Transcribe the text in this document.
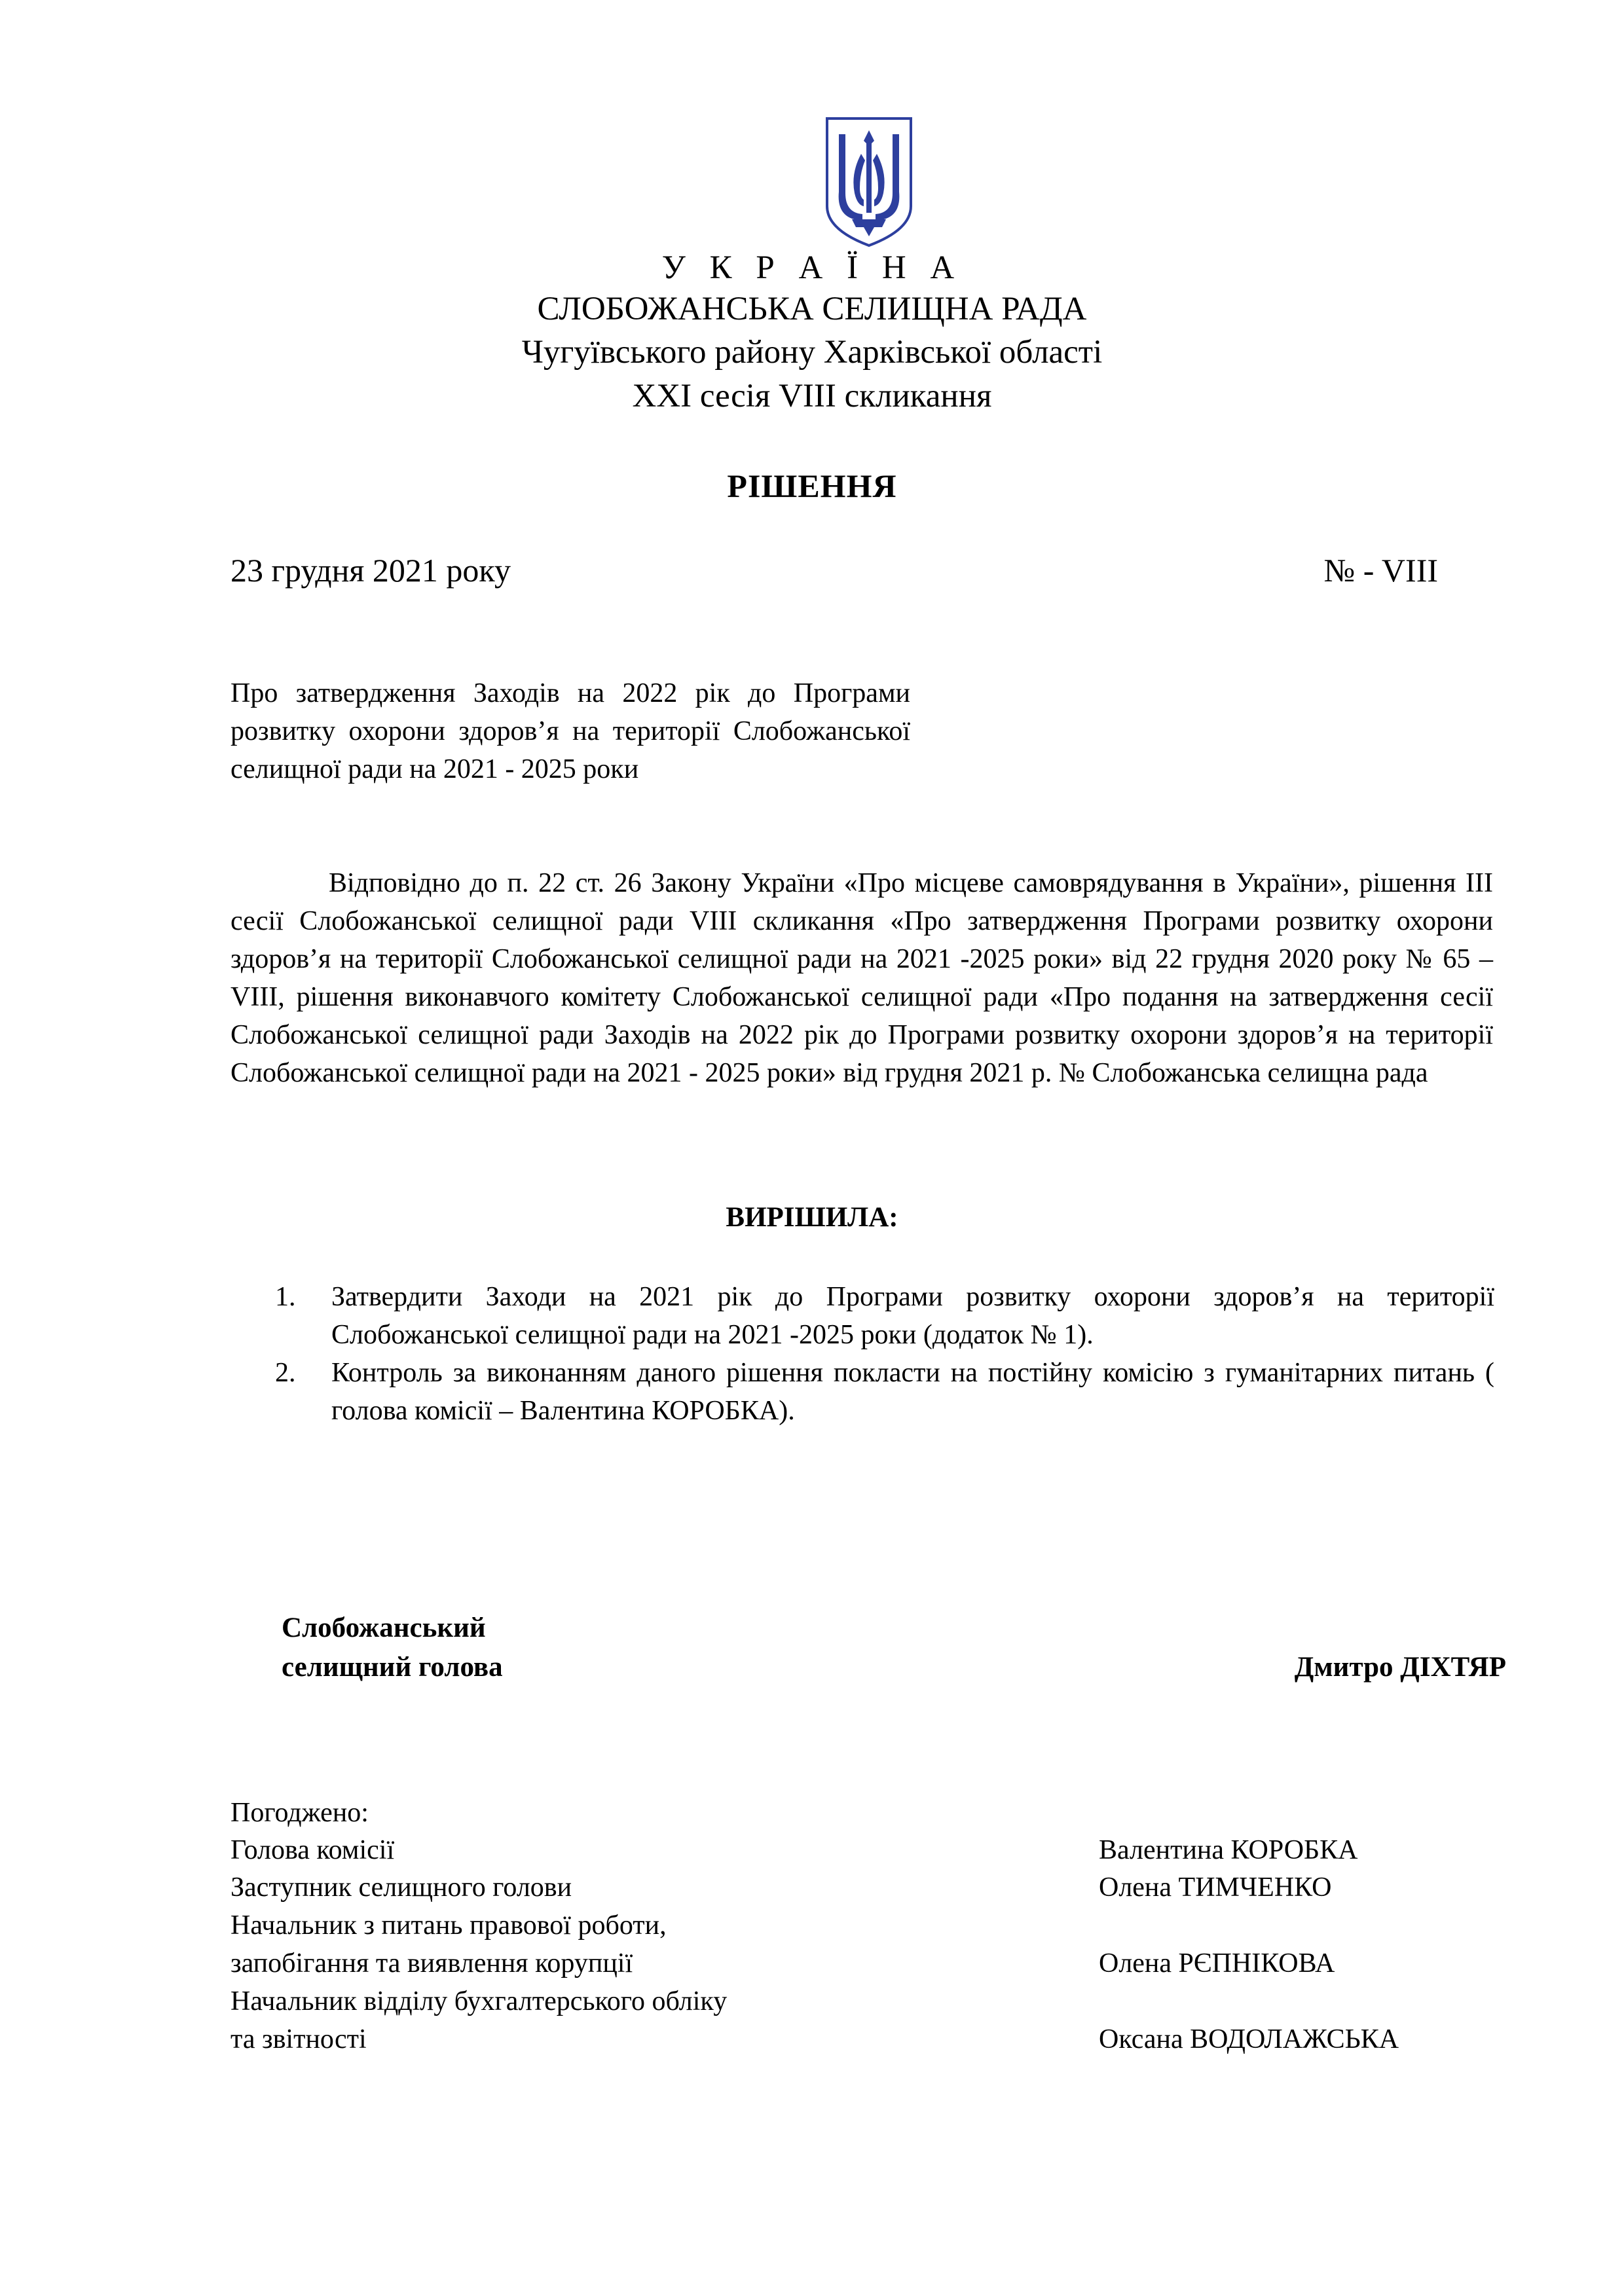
У К Р А Ї Н А
СЛОБОЖАНСЬКА СЕЛИЩНА РАДА
Чугуївського району Харківської області
ХХІ сесія VIII скликання
РІШЕННЯ
23 грудня 2021 року	№ - VIII
Про затвердження Заходів на 2022 рік до Програми розвитку охорони здоров’я на території Слобожанської селищної ради на 2021 - 2025 роки
Відповідно до п. 22 ст. 26 Закону України «Про місцеве самоврядування в України», рішення ІІІ сесії Слобожанської селищної ради VIII скликання «Про затвердження Програми розвитку охорони здоров’я на території Слобожанської селищної ради на 2021 -2025 роки» від 22 грудня 2020 року № 65 – VIII, рішення виконавчого комітету Слобожанської селищної ради «Про подання на затвердження сесії Слобожанської селищної ради Заходів на 2022 рік до Програми розвитку охорони здоров’я на території Слобожанської селищної ради на 2021 - 2025 роки» від грудня 2021 р. № Слобожанська селищна рада
ВИРІШИЛА:
1. Затвердити Заходи на 2021 рік до Програми розвитку охорони здоров’я на території Слобожанської селищної ради на 2021 -2025 роки (додаток № 1).
2. Контроль за виконанням даного рішення покласти на постійну комісію з гуманітарних питань ( голова комісії – Валентина КОРОБКА).
Слобожанський
селищний голова	Дмитро ДІХТЯР
Погоджено:
Голова комісії	Валентина КОРОБКА
Заступник селищного голови	Олена ТИМЧЕНКО
Начальник з питань правової роботи,
запобігання та виявлення корупції	Олена РЄПНІКОВА
Начальник відділу бухгалтерського обліку
та звітності	Оксана ВОДОЛАЖСЬКА
